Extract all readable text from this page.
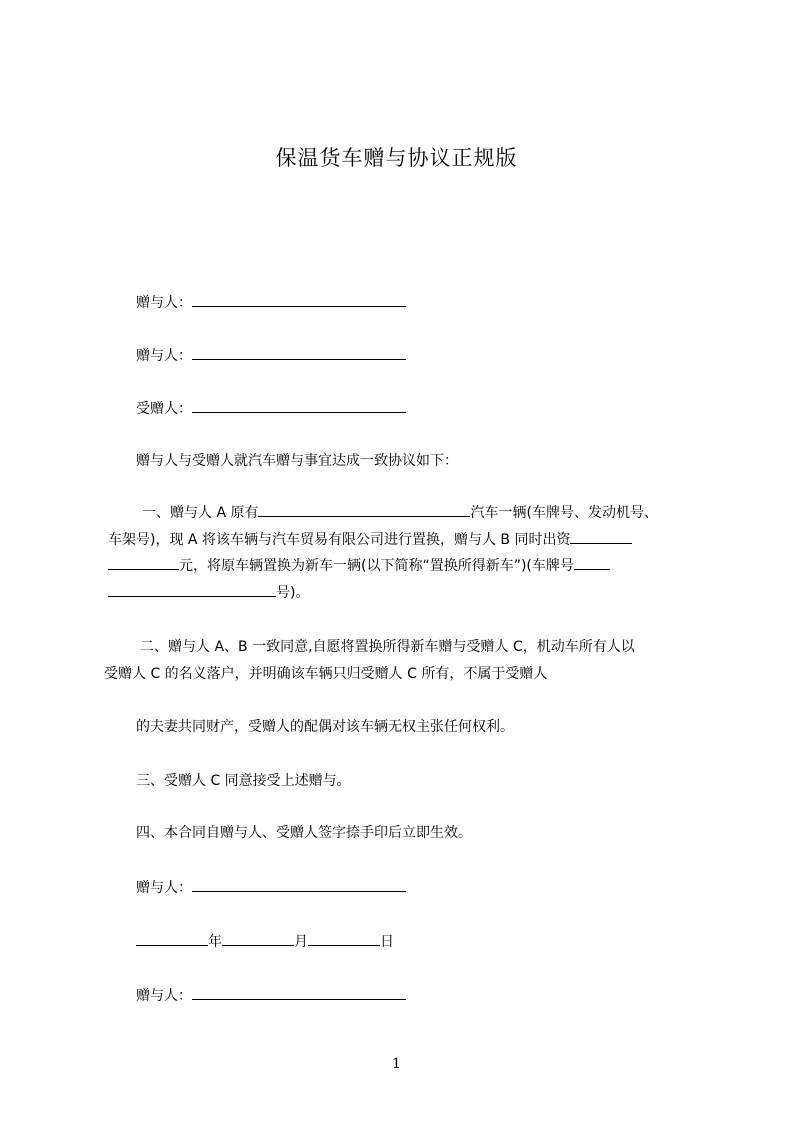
保温货车赠与协议正规版
赠与人：
赠与人：
受赠人：
赠与人与受赠人就汽车赠与事宜达成一致协议如下：
一、赠与人 A 原有	汽车一辆(车牌号、发动机号、
车架号)，现 A 将该车辆与汽车贸易有限公司进行置换，赠与人 B 同时出资
元，将原车辆置换为新车一辆(以下简称“置换所得新车”)(车牌号
号)。
二、赠与人 A、B 一致同意,自愿将置换所得新车赠与受赠人 C，机动车所有人以
受赠人 C 的名义落户，并明确该车辆只归受赠人 C 所有，不属于受赠人
的夫妻共同财产，受赠人的配偶对该车辆无权主张任何权利。
三、受赠人 C 同意接受上述赠与。
四、本合同自赠与人、受赠人签字捺手印后立即生效。
赠与人：
年	月	日
赠与人：
1
